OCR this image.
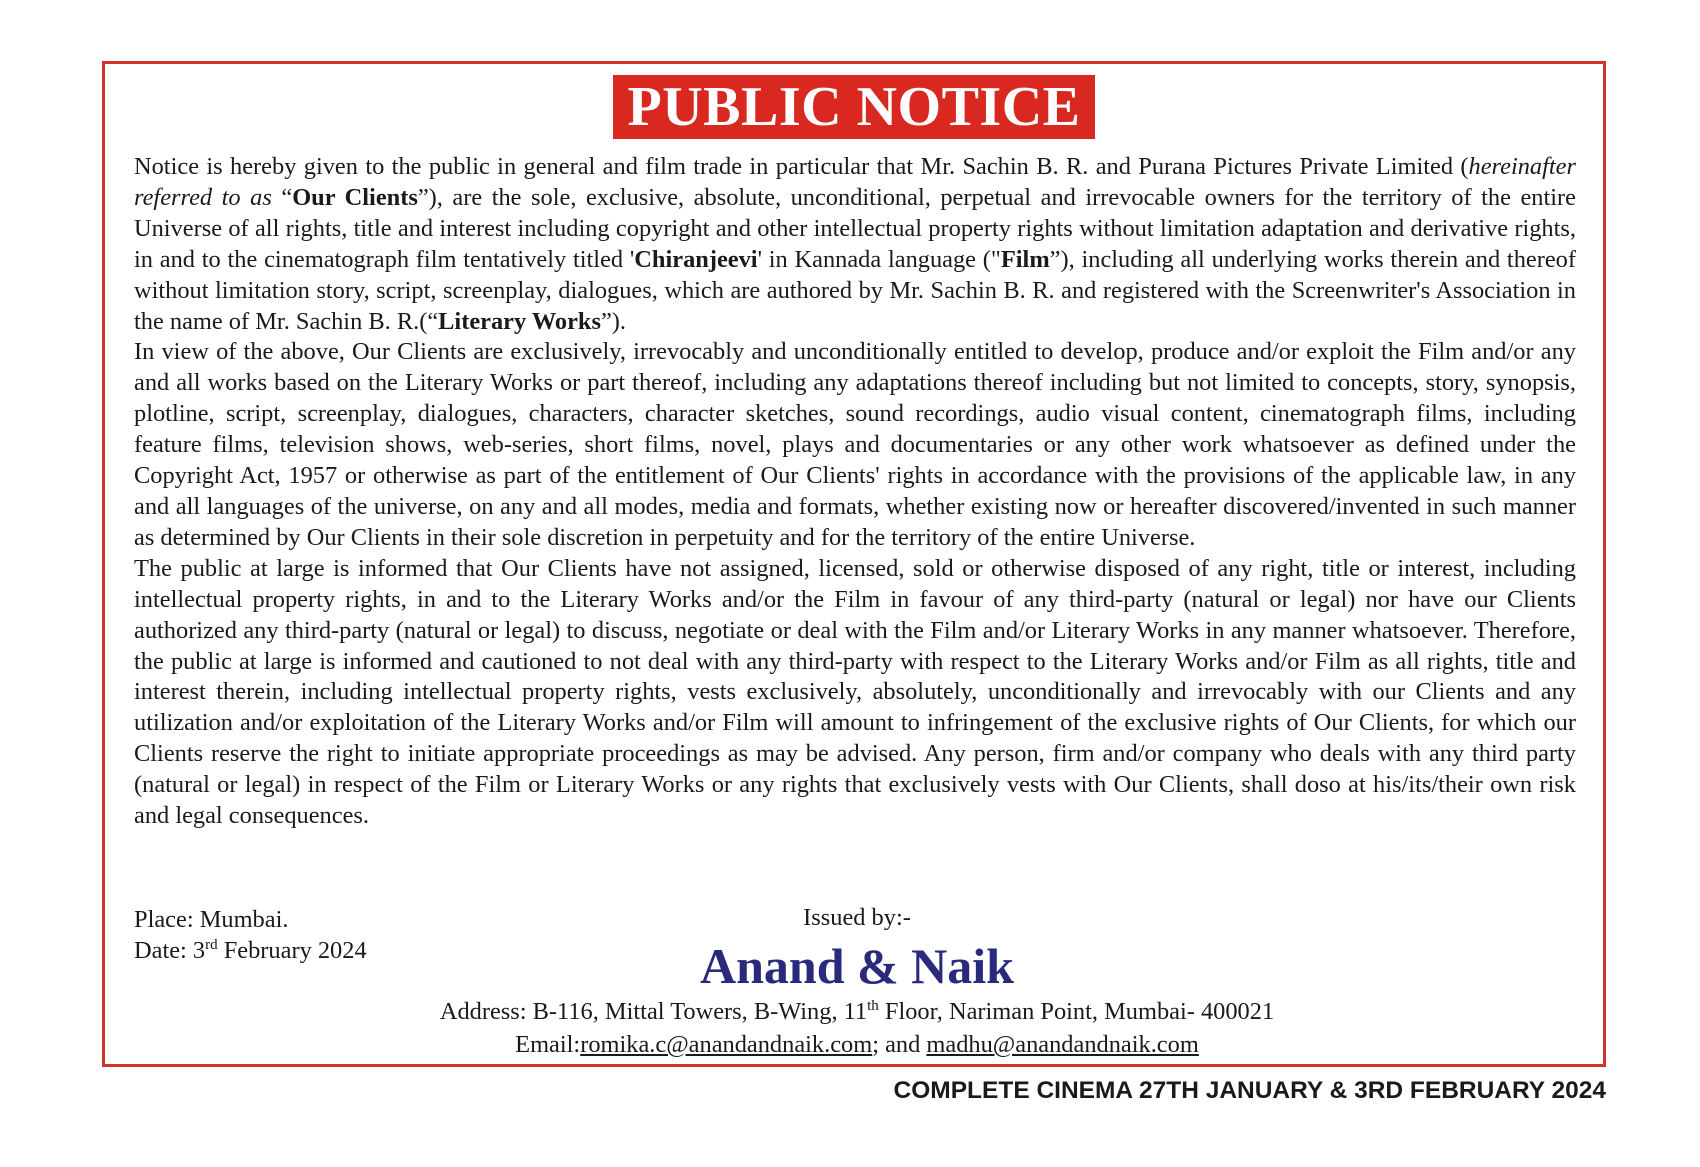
PUBLIC NOTICE

Notice is hereby given to the public in general and film trade in particular that Mr. Sachin B. R. and Purana Pictures Private Limited (hereinafter referred to as “Our Clients”), are the sole, exclusive, absolute, unconditional, perpetual and irrevocable owners for the territory of the entire Universe of all rights, title and interest including copyright and other intellectual property rights without limitation adaptation and derivative rights, in and to the cinematograph film tentatively titled 'Chiranjeevi' in Kannada language ("Film”), including all underlying works therein and thereof without limitation story, script, screenplay, dialogues, which are authored by Mr. Sachin B. R. and registered with the Screenwriter's Association in the name of Mr. Sachin B. R.(“Literary Works”).

In view of the above, Our Clients are exclusively, irrevocably and unconditionally entitled to develop, produce and/or exploit the Film and/or any and all works based on the Literary Works or part thereof, including any adaptations thereof including but not limited to concepts, story, synopsis, plotline, script, screenplay, dialogues, characters, character sketches, sound recordings, audio visual content, cinematograph films, including feature films, television shows, web-series, short films, novel, plays and documentaries or any other work whatsoever as defined under the Copyright Act, 1957 or otherwise as part of the entitlement of Our Clients' rights in accordance with the provisions of the applicable law, in any and all languages of the universe, on any and all modes, media and formats, whether existing now or hereafter discovered/invented in such manner as determined by Our Clients in their sole discretion in perpetuity and for the territory of the entire Universe.

The public at large is informed that Our Clients have not assigned, licensed, sold or otherwise disposed of any right, title or interest, including intellectual property rights, in and to the Literary Works and/or the Film in favour of any third-party (natural or legal) nor have our Clients authorized any third-party (natural or legal) to discuss, negotiate or deal with the Film and/or Literary Works in any manner whatsoever. Therefore, the public at large is informed and cautioned to not deal with any third-party with respect to the Literary Works and/or Film as all rights, title and interest therein, including intellectual property rights, vests exclusively, absolutely, unconditionally and irrevocably with our Clients and any utilization and/or exploitation of the Literary Works and/or Film will amount to infringement of the exclusive rights of Our Clients, for which our Clients reserve the right to initiate appropriate proceedings as may be advised. Any person, firm and/or company who deals with any third party (natural or legal) in respect of the Film or Literary Works or any rights that exclusively vests with Our Clients, shall doso at his/its/their own risk and legal consequences.

Place: Mumbai.
Date: 3rd February 2024
Issued by:-
Anand & Naik
Address: B-116, Mittal Towers, B-Wing, 11th Floor, Nariman Point, Mumbai- 400021
Email:romika.c@anandandnaik.com; and madhu@anandandnaik.com
COMPLETE CINEMA 27TH JANUARY & 3RD FEBRUARY 2024
